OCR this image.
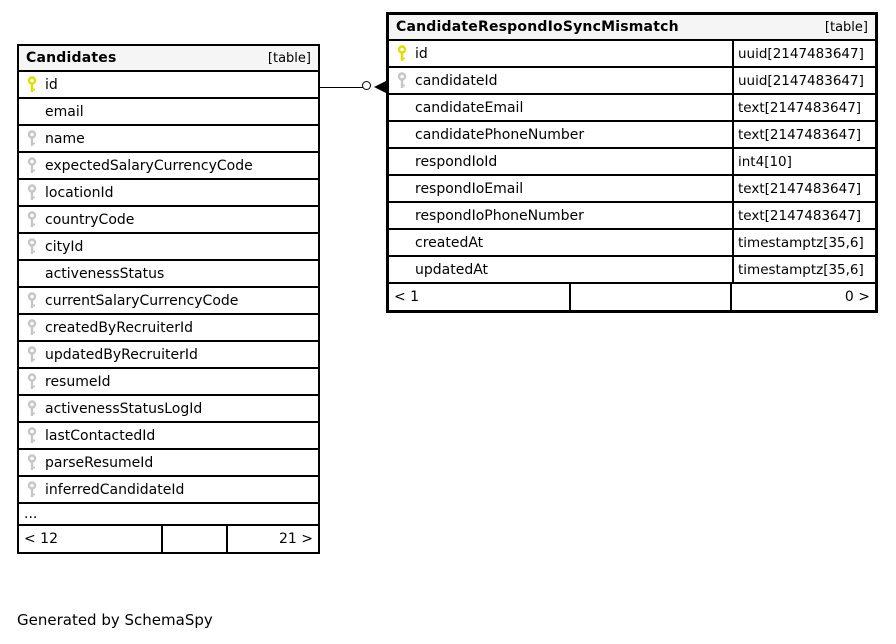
Candidates	[table]
id
email
name
expectedSalaryCurrencyCode
locationId
countryCode
cityId
activenessStatus
currentSalaryCurrencyCode
createdByRecruiterId
updatedByRecruiterId
resumeId
activenessStatusLogId
lastContactedId
parseResumeId
inferredCandidateId
...
< 12	21 >
CandidateRespondIoSyncMismatch	[table]
id	uuid[2147483647]
candidateId	uuid[2147483647]
candidateEmail	text[2147483647]
candidatePhoneNumber	text[2147483647]
respondIoId	int4[10]
respondIoEmail	text[2147483647]
respondIoPhoneNumber	text[2147483647]
createdAt	timestamptz[35,6]
updatedAt	timestamptz[35,6]
< 1	0 >
Generated by SchemaSpy
